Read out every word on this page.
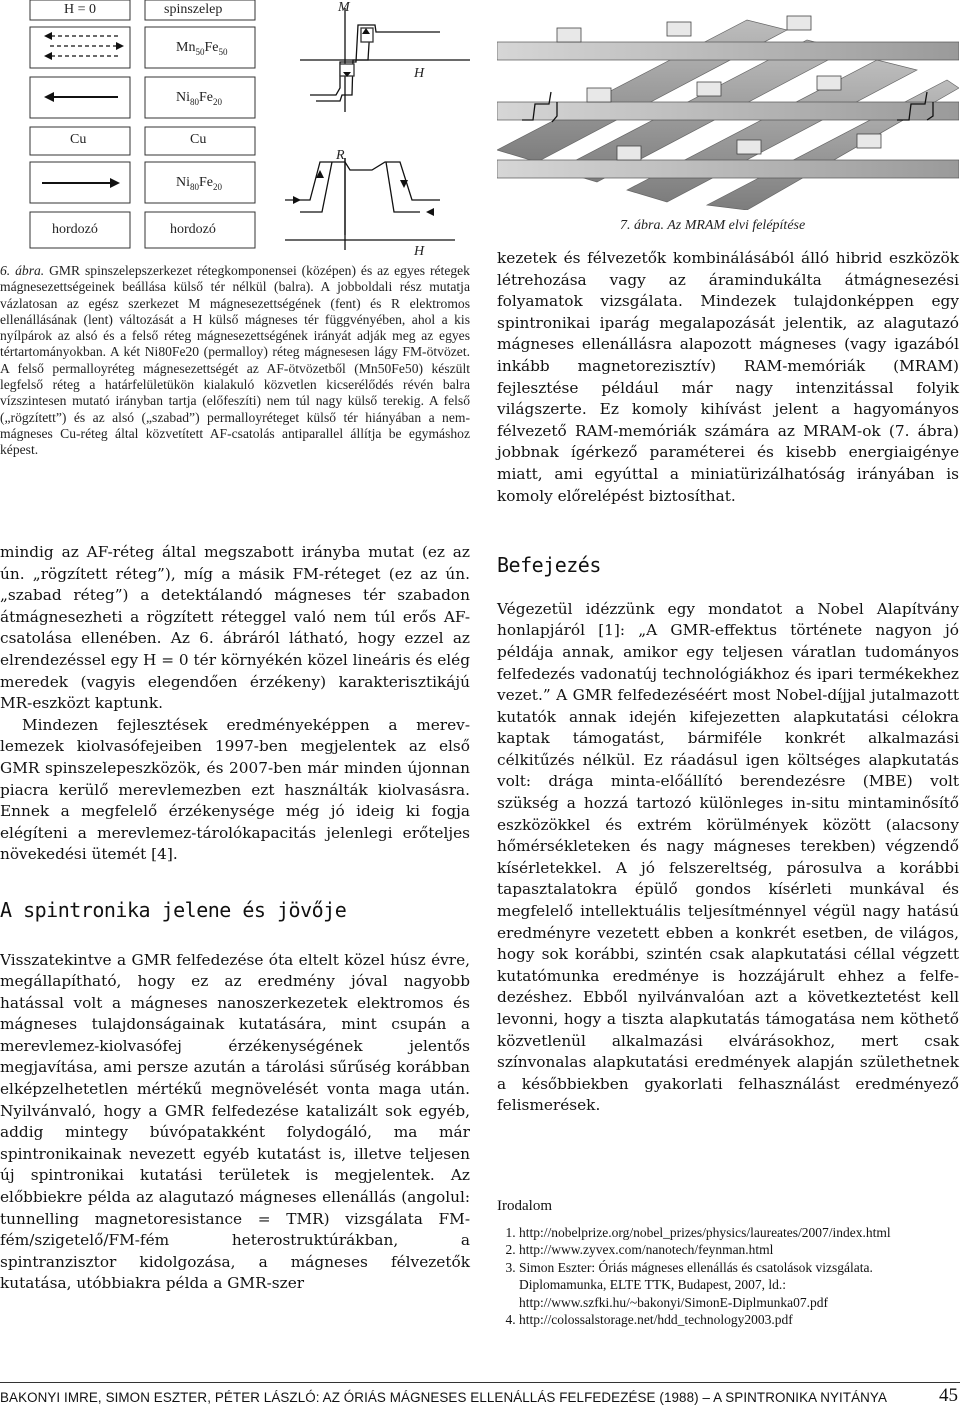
H = 0	spinszelep
$Mn_{50}Fe_{50}$
$Ni_{80}Fe_{20}$
Cu	Cu
$Ni_{80}Fe_{20}$
hordozó	hordozó
M
H
R
H
6. ábra. GMR spinszelepszerkezet rétegkomponensei (középen) és az egyes rétegek mágnesezettségeinek beállása külső tér nélkül (balra). A jobboldali rész mutatja vázlatosan az egész szerkezet M mágnesezettségének (fent) és R elektromos ellenállásának (lent) változását a H külső mágneses tér függvényében, ahol a kis nyílpárok az alsó és a felső réteg mágnesezettségének irányát adják meg az egyes tértartományokban. A két Ni80Fe20 (permalloy) réteg mágnesesen lágy FM-ötvözet. A felső permalloyréteg mágnesezettségét az AF-ötvözetből (Mn50Fe50) készült legfelső réteg a határfelületükön kialakuló közvetlen kicserélődés révén balra vízszintesen mutató irányban tartja (előfeszíti) nem túl nagy külső terekig. A felső („rögzített”) és az alsó („szabad”) permalloyréteget külső tér hiányában a nemmágneses Cu-réteg által közvetített AF-csatolás antiparallel állítja be egymáshoz képest.
7. ábra. Az MRAM elvi felépítése

mindig az AF-réteg által megszabott irányba mutat (ez az ún. „rögzített réteg”), míg a másik FM-réteget (ez az ún. „szabad réteg”) a detektálandó mágneses tér szabadon átmágnesezheti a rögzített réteggel való nem túl erős AF-csatolása ellenében. Az 6. ábráról látható, hogy ezzel az elrendezéssel egy H = 0 tér környékén közel lineáris és elég meredek (vagyis elegendően érzékeny) karakterisztikájú MR-eszközt kaptunk.

Mindezen fejlesztések eredményeképpen a merevlemezek kiolvasófejeiben 1997-ben megjelentek az első GMR spinszelepeszközök, és 2007-ben már minden újonnan piacra kerülő merevlemezben ezt használták kiolvasásra. Ennek a megfelelő érzékenysége még jó ideig ki fogja elégíteni a merevlemez-tárolókapacitás jelenlegi erőteljes növekedési ütemét [4].

A spintronika jelene és jövője

Visszatekintve a GMR felfedezése óta eltelt közel húsz évre, megállapítható, hogy ez az eredmény jóval nagyobb hatással volt a mágneses nanoszerkezetek elektromos és mágneses tulajdonságainak kutatására, mint csupán a merevlemez-kiolvasófej érzékenységének jelentős megjavítása, ami persze azután a tárolási sűrűség korábban elképzelhetetlen mértékű megnövelését vonta maga után. Nyilvánvaló, hogy a GMR felfedezése katalizált sok egyéb, addig mintegy búvópatakként folydogáló, ma már spintronikainak nevezett egyéb kutatást is, illetve teljesen új spintronikai kutatási területek is megjelentek. Az előbbiekre példa az alagutazó mágneses ellenállás (angolul: tunnelling magnetoresistance = TMR) vizsgálata FM-fém/szigetelő/FM-fém heterostruktúrákban, a spintranzisztor kidolgozása, a mágneses félvezetők kutatása, utóbbiakra példa a GMR-szer

kezetek és félvezetők kombinálásából álló hibrid eszközök létrehozása vagy az áramindukálta átmágnesezési folyamatok vizsgálata. Mindezek tulajdonképpen egy spintronikai iparág megalapozását jelentik, az alagutazó mágneses ellenállásra alapozott mágneses (vagy igazából inkább magnetorezisztív) RAM-memóriák (MRAM) fejlesztése például már nagy intenzitással folyik világszerte. Ez komoly kihívást jelent a hagyományos félvezető RAM-memóriák számára az MRAM-ok (7. ábra) jobbnak ígérkező paraméterei és kisebb energiaigénye miatt, ami egyúttal a miniatürizálhatóság irányában is komoly előrelépést biztosíthat.

Befejezés

Végezetül idézzünk egy mondatot a Nobel Alapítvány honlapjáról [1]: „A GMR-effektus története nagyon jó példája annak, amikor egy teljesen váratlan tudományos felfedezés vadonatúj technológiákhoz és ipari termékekhez vezet.” A GMR felfedezéséért most Nobel-díjjal jutalmazott kutatók annak idején kifejezetten alapkutatási célokra kaptak támogatást, bármiféle konkrét alkalmazási célkitűzés nélkül. Ez ráadásul igen költséges alapkutatás volt: drága minta-előállító berendezésre (MBE) volt szükség a hozzá tartozó különleges in-situ mintaminősítő eszközökkel és extrém körülmények között (alacsony hőmérsékleteken és nagy mágneses terekben) végzendő kísérletekkel. A jó felszereltség, párosulva a korábbi tapasztalatokra épülő gondos kísérleti munkával és megfelelő intellektuális teljesítménnyel végül nagy hatású eredményre vezetett ebben a konkrét esetben, de világos, hogy sok korábbi, szintén csak alapkutatási céllal végzett kutatómunka eredménye is hozzájárult ehhez a felfedezéshez. Ebből nyilvánvalóan azt a következtetést kell levonni, hogy a tiszta alapkutatás támogatása nem köthető közvetlenül alkalmazási elvárásokhoz, mert csak színvonalas alapkutatási eredmények alapján születhetnek a későbbiekben gyakorlati felhasználást eredményező felismerések.

Irodalom
1. http://nobelprize.org/nobel_prizes/physics/laureates/2007/index.html
2. http://www.zyvex.com/nanotech/feynman.html
3. Simon Eszter: Óriás mágneses ellenállás és csatolások vizsgálata. Diplomamunka, ELTE TTK, Budapest, 2007, ld.: http://www.szfki.hu/~bakonyi/SimonE-Diplmunka07.pdf
4. http://colossalstorage.net/hdd_technology2003.pdf
BAKONYI IMRE, SIMON ESZTER, PÉTER LÁSZLÓ: AZ ÓRIÁS MÁGNESES ELLENÁLLÁS FELFEDEZÉSE (1988) – A SPINTRONIKA NYITÁNYA	45
